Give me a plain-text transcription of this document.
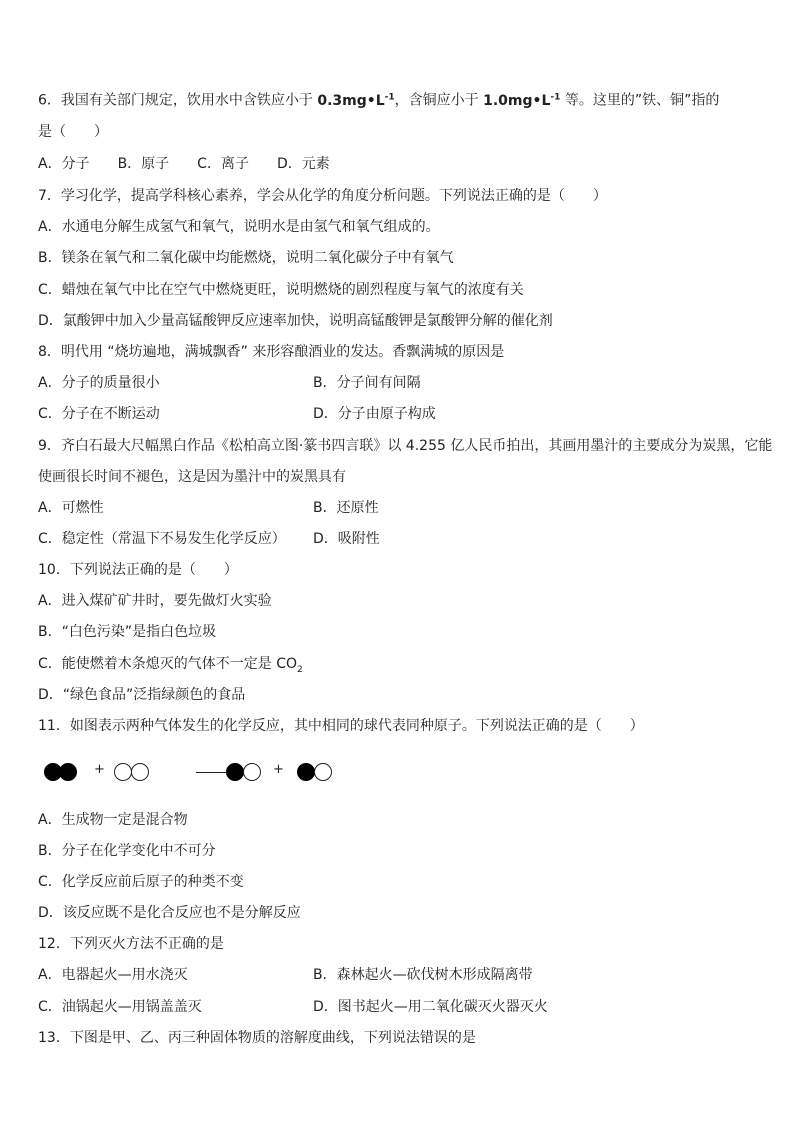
6．我国有关部门规定，饮用水中含铁应小于 $0.3mg•L^{-1}$，含铜应小于 $1.0mg•L^{-1}$ 等。这里的”铁、铜”指的
是（　　）
A．分子　　B．原子　　C．离子　　D．元素
7．学习化学，提高学科核心素养，学会从化学的角度分析问题。下列说法正确的是（　　）
A．水通电分解生成氢气和氧气，说明水是由氢气和氧气组成的。
B．镁条在氧气和二氧化碳中均能燃烧，说明二氧化碳分子中有氧气
C．蜡烛在氧气中比在空气中燃烧更旺，说明燃烧的剧烈程度与氧气的浓度有关
D．氯酸钾中加入少量高锰酸钾反应速率加快，说明高锰酸钾是氯酸钾分解的催化剂
8．明代用 “烧坊遍地，满城飘香” 来形容酿酒业的发达。香飘满城的原因是
A．分子的质量很小	B．分子间有间隔
C．分子在不断运动	D．分子由原子构成
9．齐白石最大尺幅黑白作品《松柏高立图·篆书四言联》以 4.255 亿人民币拍出，其画用墨汁的主要成分为炭黑，它能
使画很长时间不褪色，这是因为墨汁中的炭黑具有
A．可燃性	B．还原性
C．稳定性（常温下不易发生化学反应） D．吸附性
10．下列说法正确的是（　　）
A．进入煤矿矿井时，要先做灯火实验
B．“白色污染”是指白色垃圾
C．能使燃着木条熄灭的气体不一定是 $CO_2$
D．“绿色食品”泛指绿颜色的食品
11．如图表示两种气体发生的化学反应，其中相同的球代表同种原子。下列说法正确的是（　　）
+	+
A．生成物一定是混合物
B．分子在化学变化中不可分
C．化学反应前后原子的种类不变
D．该反应既不是化合反应也不是分解反应
12．下列灭火方法不正确的是
A．电器起火—用水浇灭	B．森林起火—砍伐树木形成隔离带
C．油锅起火—用锅盖盖灭	D．图书起火—用二氧化碳灭火器灭火
13．下图是甲、乙、丙三种固体物质的溶解度曲线，下列说法错误的是
